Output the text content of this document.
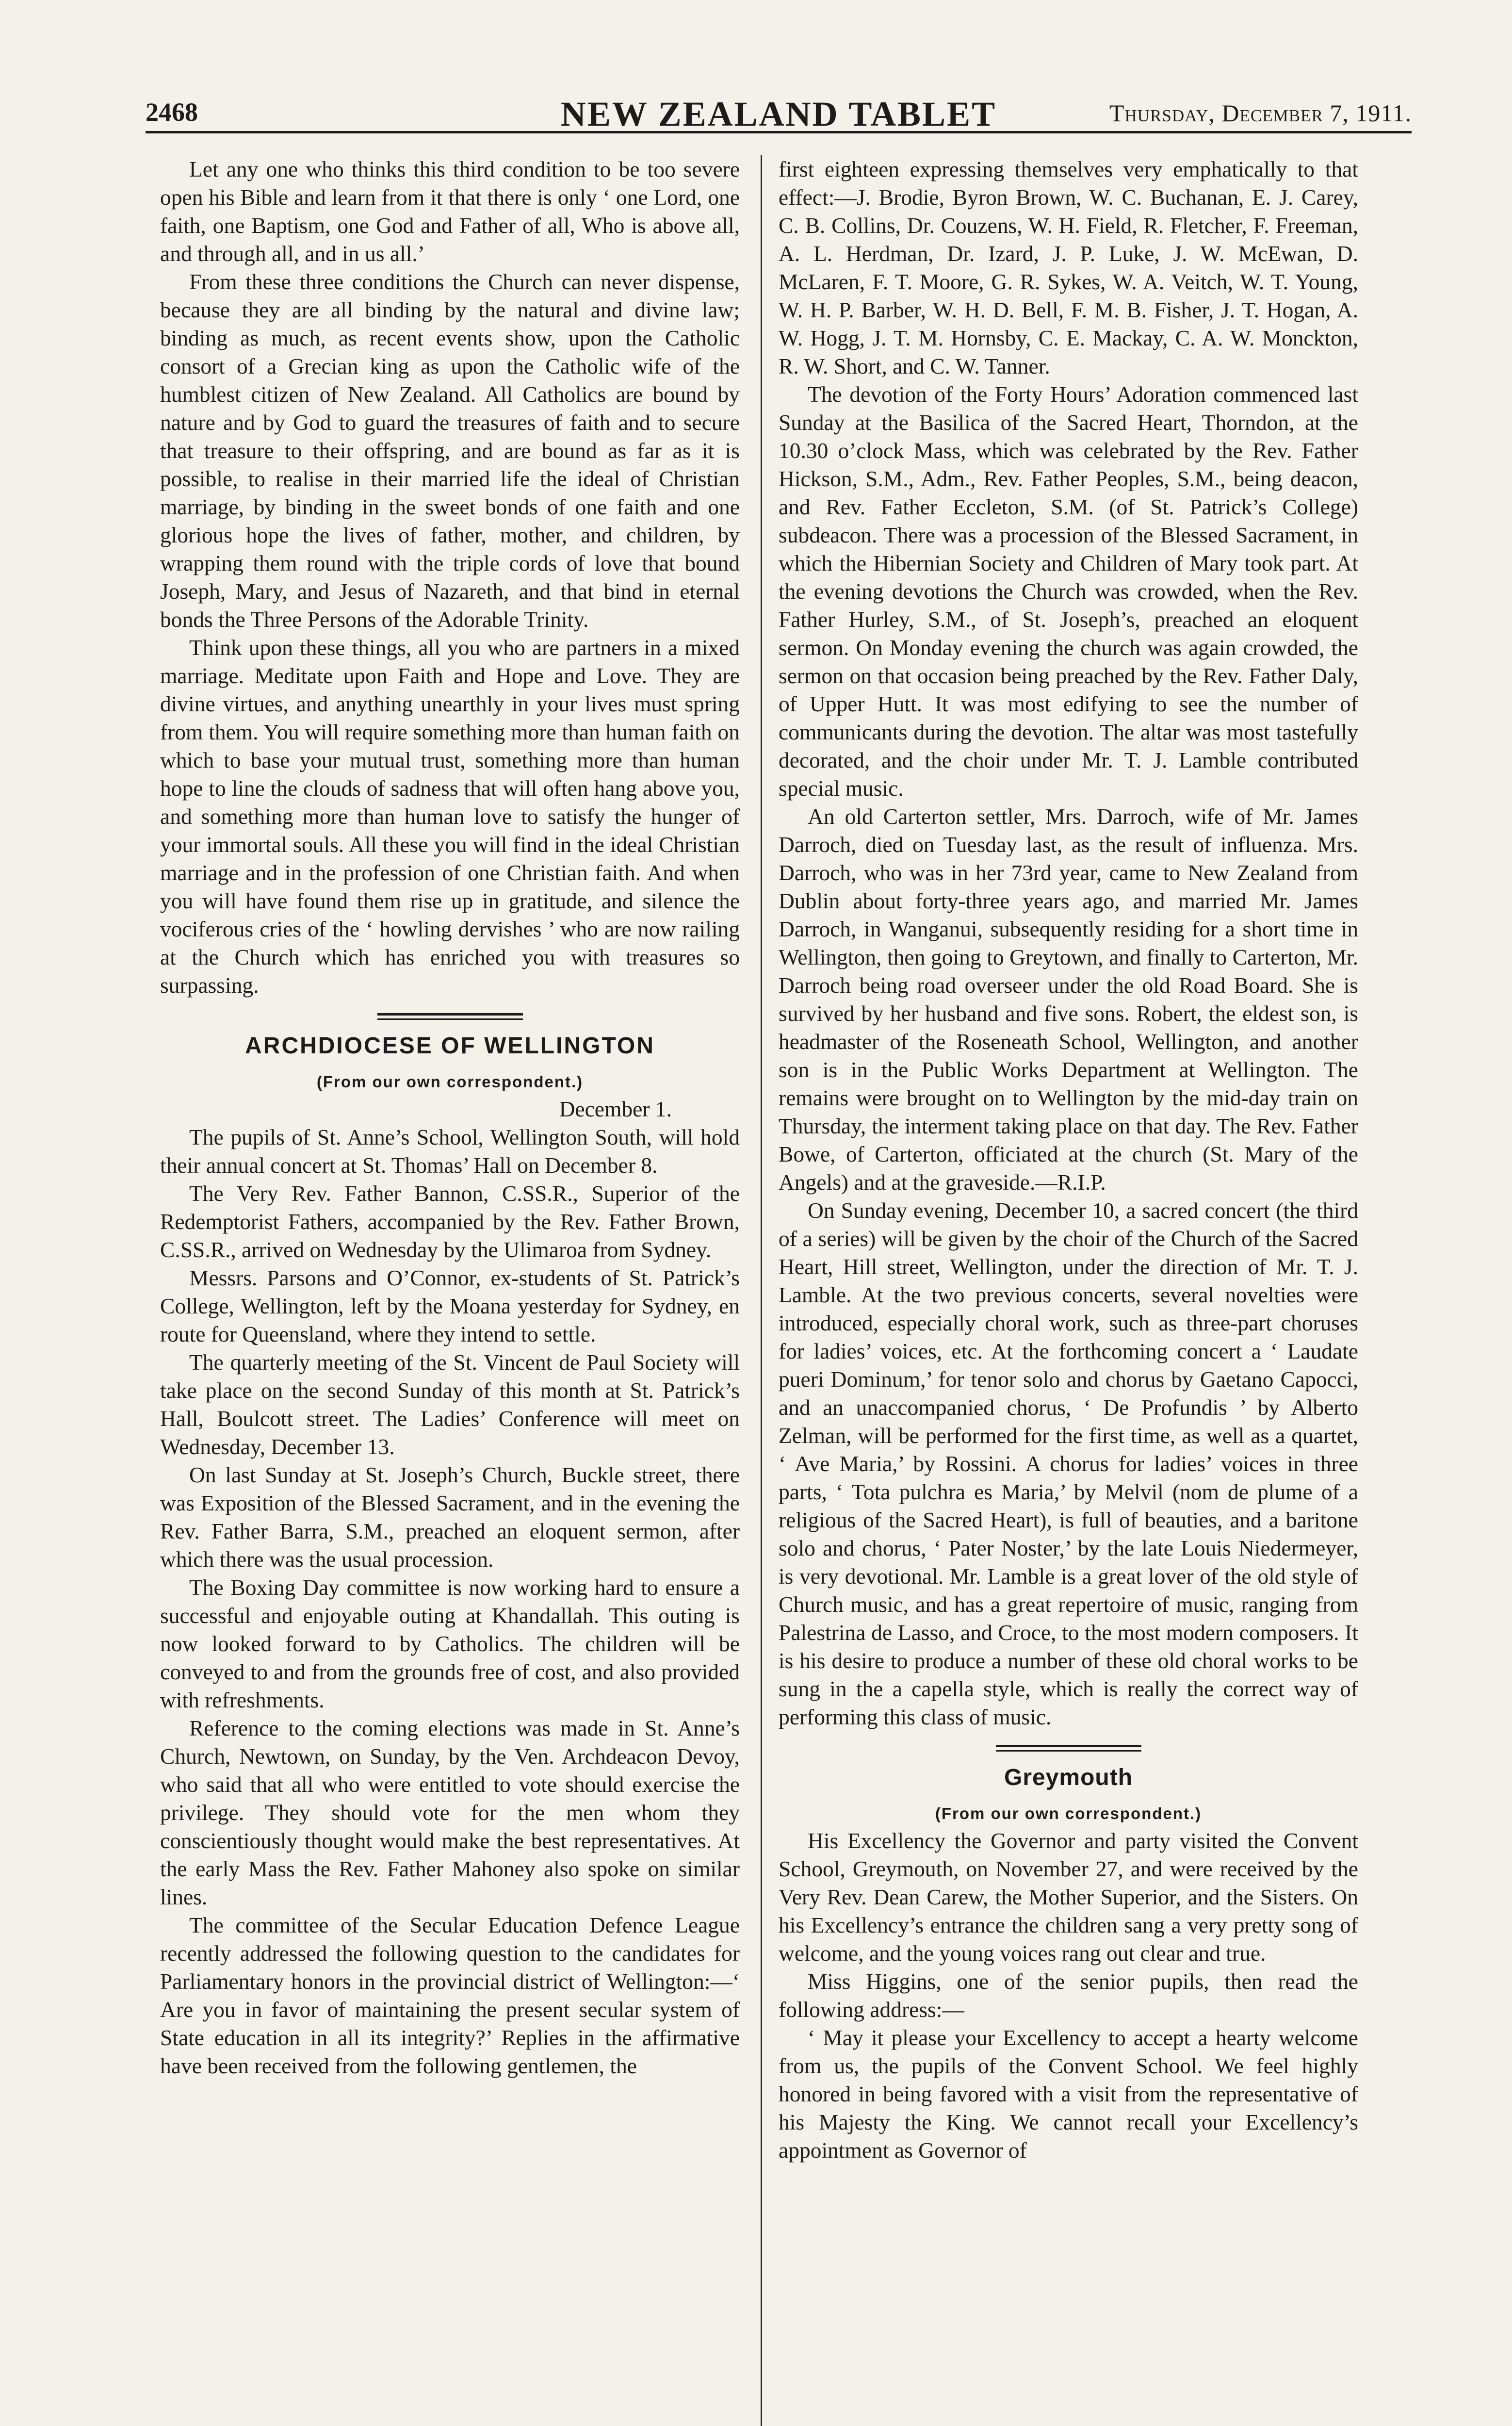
2468	NEW ZEALAND TABLET	Thursday, December 7, 1911.

Let any one who thinks this third condition to be too severe open his Bible and learn from it that there is only ‘ one Lord, one faith, one Baptism, one God and Father of all, Who is above all, and through all, and in us all.’

From these three conditions the Church can never dispense, because they are all binding by the natural and divine law; binding as much, as recent events show, upon the Catholic consort of a Grecian king as upon the Catholic wife of the humblest citizen of New Zealand. All Catholics are bound by nature and by God to guard the treasures of faith and to secure that treasure to their offspring, and are bound as far as it is possible, to realise in their married life the ideal of Christian marriage, by binding in the sweet bonds of one faith and one glorious hope the lives of father, mother, and children, by wrapping them round with the triple cords of love that bound Joseph, Mary, and Jesus of Nazareth, and that bind in eternal bonds the Three Persons of the Adorable Trinity.

Think upon these things, all you who are partners in a mixed marriage. Meditate upon Faith and Hope and Love. They are divine virtues, and anything unearthly in your lives must spring from them. You will require something more than human faith on which to base your mutual trust, something more than human hope to line the clouds of sadness that will often hang above you, and something more than human love to satisfy the hunger of your immortal souls. All these you will find in the ideal Christian marriage and in the profession of one Christian faith. And when you will have found them rise up in gratitude, and silence the vociferous cries of the ‘ howling dervishes ’ who are now railing at the Church which has enriched you with treasures so surpassing.

ARCHDIOCESE OF WELLINGTON
(From our own correspondent.)
December 1.

The pupils of St. Anne’s School, Wellington South, will hold their annual concert at St. Thomas’ Hall on December 8.

The Very Rev. Father Bannon, C.SS.R., Superior of the Redemptorist Fathers, accompanied by the Rev. Father Brown, C.SS.R., arrived on Wednesday by the Ulimaroa from Sydney.

Messrs. Parsons and O’Connor, ex-students of St. Patrick’s College, Wellington, left by the Moana yesterday for Sydney, en route for Queensland, where they intend to settle.

The quarterly meeting of the St. Vincent de Paul Society will take place on the second Sunday of this month at St. Patrick’s Hall, Boulcott street. The Ladies’ Conference will meet on Wednesday, December 13.

On last Sunday at St. Joseph’s Church, Buckle street, there was Exposition of the Blessed Sacrament, and in the evening the Rev. Father Barra, S.M., preached an eloquent sermon, after which there was the usual procession.

The Boxing Day committee is now working hard to ensure a successful and enjoyable outing at Khandallah. This outing is now looked forward to by Catholics. The children will be conveyed to and from the grounds free of cost, and also provided with refreshments.

Reference to the coming elections was made in St. Anne’s Church, Newtown, on Sunday, by the Ven. Archdeacon Devoy, who said that all who were entitled to vote should exercise the privilege. They should vote for the men whom they conscientiously thought would make the best representatives. At the early Mass the Rev. Father Mahoney also spoke on similar lines.

The committee of the Secular Education Defence League recently addressed the following question to the candidates for Parliamentary honors in the provincial district of Wellington:—‘ Are you in favor of maintaining the present secular system of State education in all its integrity?’ Replies in the affirmative have been received from the following gentlemen, the

first eighteen expressing themselves very emphatically to that effect:—J. Brodie, Byron Brown, W. C. Buchanan, E. J. Carey, C. B. Collins, Dr. Couzens, W. H. Field, R. Fletcher, F. Freeman, A. L. Herdman, Dr. Izard, J. P. Luke, J. W. McEwan, D. McLaren, F. T. Moore, G. R. Sykes, W. A. Veitch, W. T. Young, W. H. P. Barber, W. H. D. Bell, F. M. B. Fisher, J. T. Hogan, A. W. Hogg, J. T. M. Hornsby, C. E. Mackay, C. A. W. Monckton, R. W. Short, and C. W. Tanner.

The devotion of the Forty Hours’ Adoration commenced last Sunday at the Basilica of the Sacred Heart, Thorndon, at the 10.30 o’clock Mass, which was celebrated by the Rev. Father Hickson, S.M., Adm., Rev. Father Peoples, S.M., being deacon, and Rev. Father Eccleton, S.M. (of St. Patrick’s College) subdeacon. There was a procession of the Blessed Sacrament, in which the Hibernian Society and Children of Mary took part. At the evening devotions the Church was crowded, when the Rev. Father Hurley, S.M., of St. Joseph’s, preached an eloquent sermon. On Monday evening the church was again crowded, the sermon on that occasion being preached by the Rev. Father Daly, of Upper Hutt. It was most edifying to see the number of communicants during the devotion. The altar was most tastefully decorated, and the choir under Mr. T. J. Lamble contributed special music.

An old Carterton settler, Mrs. Darroch, wife of Mr. James Darroch, died on Tuesday last, as the result of influenza. Mrs. Darroch, who was in her 73rd year, came to New Zealand from Dublin about forty-three years ago, and married Mr. James Darroch, in Wanganui, subsequently residing for a short time in Wellington, then going to Greytown, and finally to Carterton, Mr. Darroch being road overseer under the old Road Board. She is survived by her husband and five sons. Robert, the eldest son, is headmaster of the Roseneath School, Wellington, and another son is in the Public Works Department at Wellington. The remains were brought on to Wellington by the mid-day train on Thursday, the interment taking place on that day. The Rev. Father Bowe, of Carterton, officiated at the church (St. Mary of the Angels) and at the graveside.—R.I.P.

On Sunday evening, December 10, a sacred concert (the third of a series) will be given by the choir of the Church of the Sacred Heart, Hill street, Wellington, under the direction of Mr. T. J. Lamble. At the two previous concerts, several novelties were introduced, especially choral work, such as three-part choruses for ladies’ voices, etc. At the forthcoming concert a ‘ Laudate pueri Dominum,’ for tenor solo and chorus by Gaetano Capocci, and an unaccompanied chorus, ‘ De Profundis ’ by Alberto Zelman, will be performed for the first time, as well as a quartet, ‘ Ave Maria,’ by Rossini. A chorus for ladies’ voices in three parts, ‘ Tota pulchra es Maria,’ by Melvil (nom de plume of a religious of the Sacred Heart), is full of beauties, and a baritone solo and chorus, ‘ Pater Noster,’ by the late Louis Niedermeyer, is very devotional. Mr. Lamble is a great lover of the old style of Church music, and has a great repertoire of music, ranging from Palestrina de Lasso, and Croce, to the most modern composers. It is his desire to produce a number of these old choral works to be sung in the a capella style, which is really the correct way of performing this class of music.

Greymouth
(From our own correspondent.)

His Excellency the Governor and party visited the Convent School, Greymouth, on November 27, and were received by the Very Rev. Dean Carew, the Mother Superior, and the Sisters. On his Excellency’s entrance the children sang a very pretty song of welcome, and the young voices rang out clear and true.

Miss Higgins, one of the senior pupils, then read the following address:—

‘ May it please your Excellency to accept a hearty welcome from us, the pupils of the Convent School. We feel highly honored in being favored with a visit from the representative of his Majesty the King. We cannot recall your Excellency’s appointment as Governor of
